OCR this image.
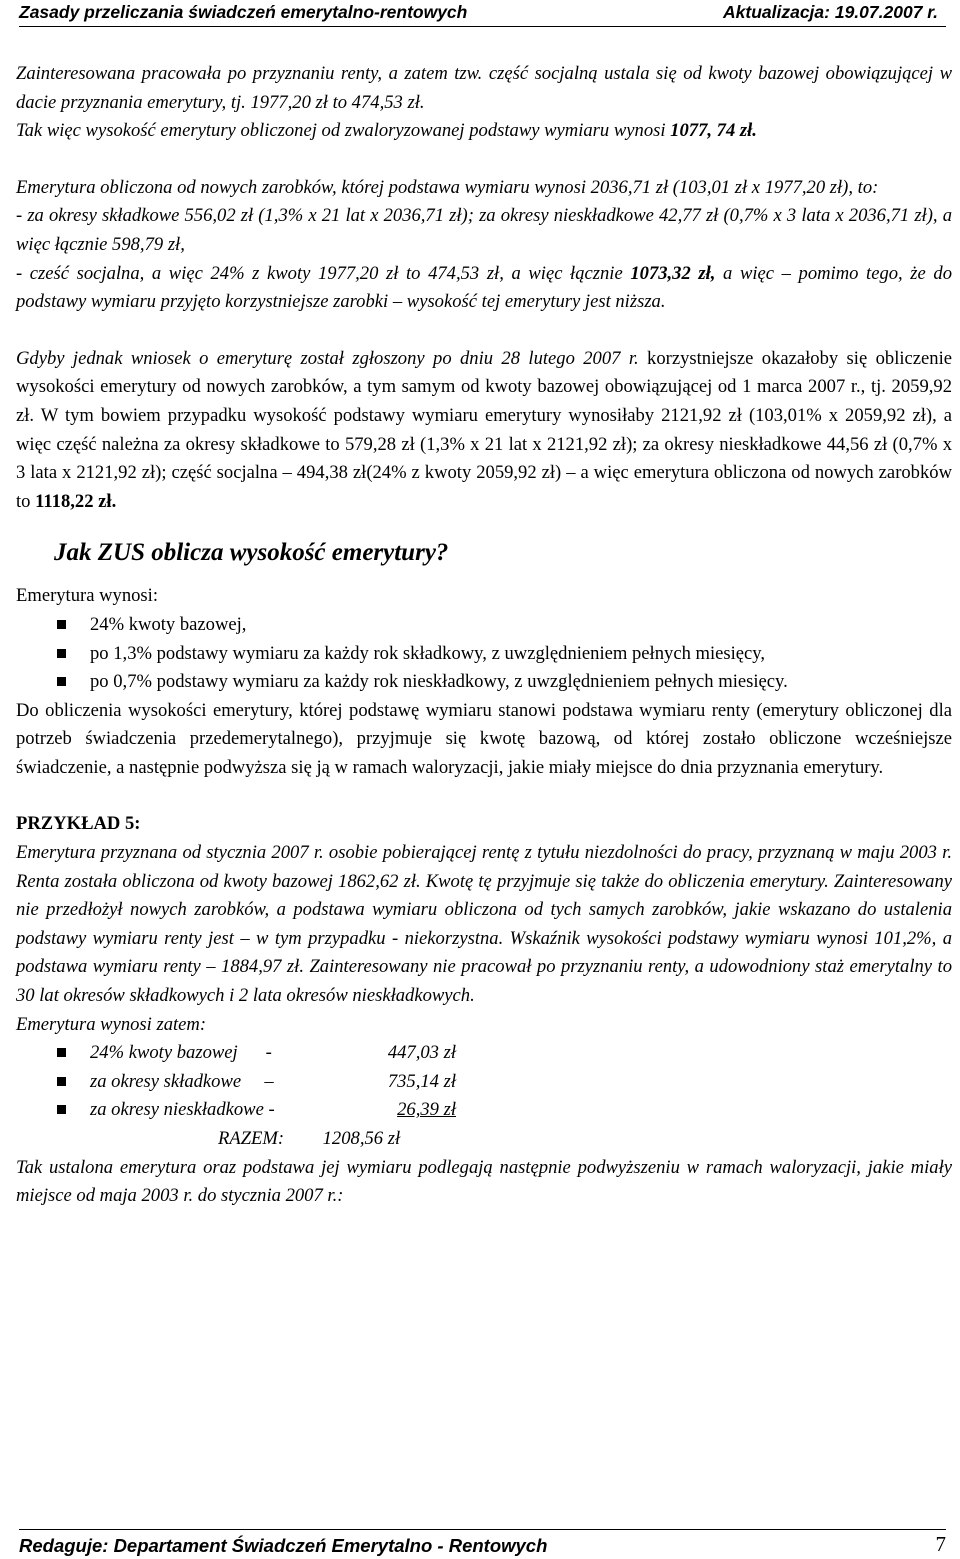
Zasady przeliczania świadczeń emerytalno-rentowych	Aktualizacja: 19.07.2007 r.

Zainteresowana pracowała po przyznaniu renty, a zatem tzw. część socjalną ustala się od kwoty bazowej obowiązującej w dacie przyznania emerytury, tj. 1977,20 zł to 474,53 zł.

Tak więc wysokość emerytury obliczonej od zwaloryzowanej podstawy wymiaru wynosi 1077, 74 zł.

Emerytura obliczona od nowych zarobków, której podstawa wymiaru wynosi 2036,71 zł (103,01 zł x 1977,20 zł), to:

- za okresy składkowe 556,02 zł (1,3% x 21 lat x 2036,71 zł); za okresy nieskładkowe 42,77 zł (0,7% x 3 lata x 2036,71 zł), a więc łącznie 598,79 zł,

- cześć socjalna, a więc 24% z kwoty 1977,20 zł to 474,53 zł, a więc łącznie 1073,32 zł, a więc – pomimo tego, że do podstawy wymiaru przyjęto korzystniejsze zarobki – wysokość tej emerytury jest niższa.

Gdyby jednak wniosek o emeryturę został zgłoszony po dniu 28 lutego 2007 r. korzystniejsze okazałoby się obliczenie wysokości emerytury od nowych zarobków, a tym samym od kwoty bazowej obowiązującej od 1 marca 2007 r., tj. 2059,92 zł. W tym bowiem przypadku wysokość podstawy wymiaru emerytury wynosiłaby 2121,92 zł (103,01% x 2059,92 zł), a więc część należna za okresy składkowe to 579,28 zł (1,3% x 21 lat x 2121,92 zł); za okresy nieskładkowe 44,56 zł (0,7% x 3 lata x 2121,92 zł); część socjalna – 494,38 zł(24% z kwoty 2059,92 zł) – a więc emerytura obliczona od nowych zarobków to 1118,22 zł.

Jak ZUS oblicza wysokość emerytury?

Emerytura wynosi:

24% kwoty bazowej,
po 1,3% podstawy wymiaru za każdy rok składkowy, z uwzględnieniem pełnych miesięcy,
po 0,7% podstawy wymiaru za każdy rok nieskładkowy, z uwzględnieniem pełnych miesięcy.

Do obliczenia wysokości emerytury, której podstawę wymiaru stanowi podstawa wymiaru renty (emerytury obliczonej dla potrzeb świadczenia przedemerytalnego), przyjmuje się kwotę bazową, od której zostało obliczone wcześniejsze świadczenie, a następnie podwyższa się ją w ramach waloryzacji, jakie miały miejsce do dnia przyznania emerytury.

PRZYKŁAD 5:

Emerytura przyznana od stycznia 2007 r. osobie pobierającej rentę z tytułu niezdolności do pracy, przyznaną w maju 2003 r. Renta została obliczona od kwoty bazowej 1862,62 zł. Kwotę tę przyjmuje się także do obliczenia emerytury. Zainteresowany nie przedłożył nowych zarobków, a podstawa wymiaru obliczona od tych samych zarobków, jakie wskazano do ustalenia podstawy wymiaru renty jest – w tym przypadku - niekorzystna. Wskaźnik wysokości podstawy wymiaru wynosi 101,2%, a podstawa wymiaru renty – 1884,97 zł. Zainteresowany nie pracował po przyznaniu renty, a udowodniony staż emerytalny to 30 lat okresów składkowych i 2 lata okresów nieskładkowych.

Emerytura wynosi zatem:

24% kwoty bazowej -	447,03 zł
za okresy składkowe –	735,14 zł
za okresy nieskładkowe -	26,39 zł

RAZEM: 1208,56 zł

Tak ustalona emerytura oraz podstawa jej wymiaru podlegają następnie podwyższeniu w ramach waloryzacji, jakie miały miejsce od maja 2003 r. do stycznia 2007 r.:

Redaguje: Departament Świadczeń Emerytalno - Rentowych	7
